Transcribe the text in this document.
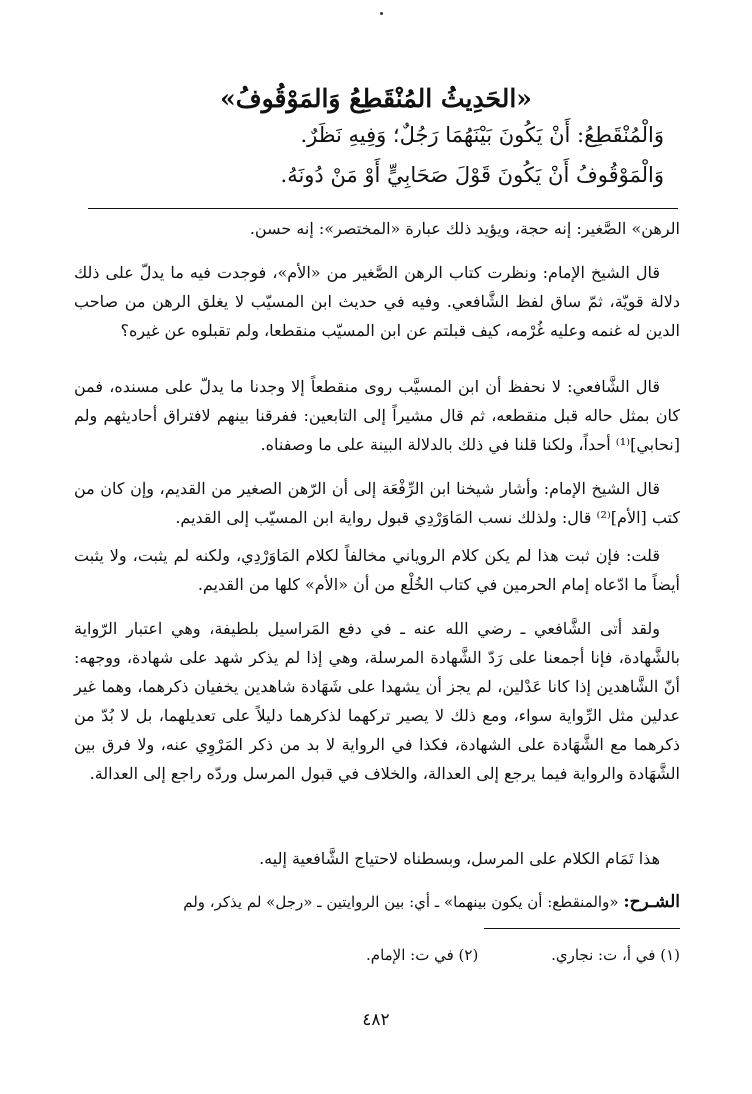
«الحَدِيثُ المُنْقَطِعُ وَالمَوْقُوفُ»
وَالْمُنْقَطِعُ: أَنْ يَكُونَ بَيْنَهُمَا رَجُلٌ؛ وَفِيهِ نَظَرٌ.
وَالْمَوْقُوفُ أَنْ يَكُونَ قَوْلَ صَحَابِيٍّ أَوْ مَنْ دُونَهُ.

الرهن» الصَّغير: إنه حجة، ويؤيد ذلك عبارة «المختصر»: إنه حسن.

قال الشيخ الإمام: ونظرت كتاب الرهن الصَّغير من «الأم»، فوجدت فيه ما يدلّ على ذلك دلالة قويّة، ثمّ ساق لفظ الشَّافعي. وفيه في حديث ابن المسيّب لا يغلق الرهن من صاحب الدين له غنمه وعليه غُرْمه، كيف قبلتم عن ابن المسيّب منقطعا، ولم تقبلوه عن غيره؟

قال الشَّافعي: لا نحفظ أن ابن المسيَّب روى منقطعاً إلا وجدنا ما يدلّ على مسنده، فمن كان بمثل حاله قبل منقطعه، ثم قال مشيراً إلى التابعين: ففرقنا بينهم لافتراق أحاديثهم ولم [نحابي]⁽¹⁾ أحداً، ولكنا قلنا في ذلك بالدلالة البينة على ما وصفناه.

قال الشيخ الإمام: وأشار شيخنا ابن الرِّفْعَة إلى أن الرّهن الصغير من القديم، وإن كان من كتب [الأم]⁽²⁾ قال: ولذلك نسب المَاوَرْدِي قبول رواية ابن المسيّب إلى القديم.

قلت: فإن ثبت هذا لم يكن كلام الروياني مخالفاً لكلام المَاوَرْدِي، ولكنه لم يثبت، ولا يثبت أيضاً ما ادّعاه إمام الحرمين في كتاب الخُلْع من أن «الأم» كلها من القديم.

ولقد أتى الشَّافعي ـ رضي الله عنه ـ في دفع المَراسيل بلطيفة، وهي اعتبار الرّواية بالشَّهادة، فإنا أجمعنا على رَدّ الشَّهادة المرسلة، وهي إذا لم يذكر شهد على شهادة، ووجهه: أنّ الشَّاهدين إذا كانا عَدْلين، لم يجز أن يشهدا على شَهَادة شاهدين يخفيان ذكرهما، وهما غير عدلين مثل الرِّواية سواء، ومع ذلك لا يصير تركهما لذكرهما دليلاً على تعديلهما، بل لا بُدّ من ذكرهما مع الشَّهَادة على الشهادة، فكذا في الرواية لا بد من ذكر المَرْوِي عنه، ولا فرق بين الشَّهَادة والرواية فيما يرجع إلى العدالة، والخلاف في قبول المرسل وردّه راجع إلى العدالة.

هذا تَمَام الكلام على المرسل، وبسطناه لاحتياج الشَّافعية إليه.

الشـرح: «والمنقطع: أن يكون بينهما» ـ أي: بين الروايتين ـ «رجل» لم يذكر، ولم
(١) في أ، ت: نجاري. (٢) في ت: الإمام.
٤٨٢
